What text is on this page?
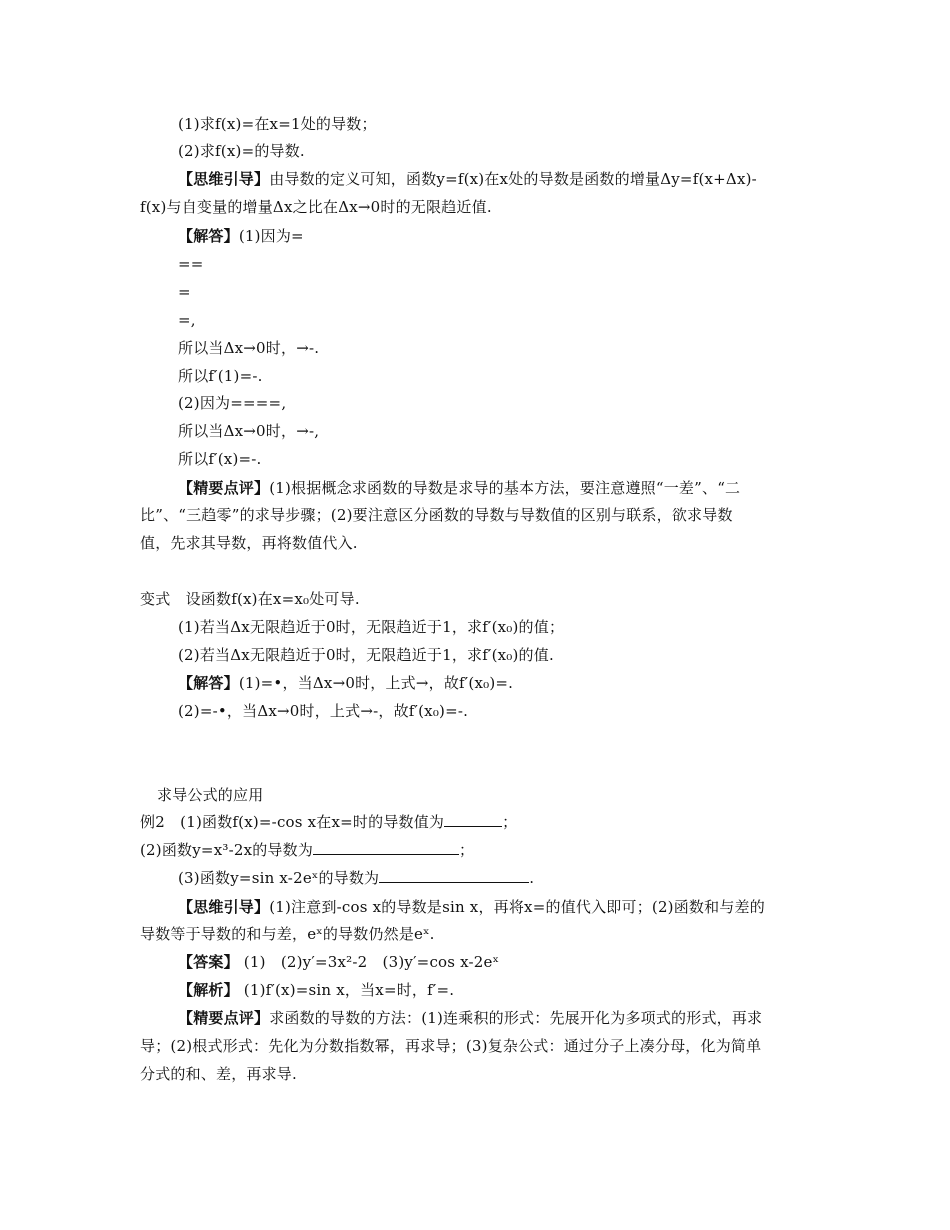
(1)求f(x)=在x=1处的导数；
(2)求f(x)=的导数.
【思维引导】由导数的定义可知，函数y=f(x)在x处的导数是函数的增量Δy=f(x+Δx)-
f(x)与自变量的增量Δx之比在Δx→0时的无限趋近值.
【解答】(1)因为=
==
=
=,
所以当Δx→0时，→-.
所以f′(1)=-.
(2)因为====,
所以当Δx→0时，→-,
所以f′(x)=-.
【精要点评】(1)根据概念求函数的导数是求导的基本方法，要注意遵照“一差”、“二
比”、“三趋零”的求导步骤；(2)要注意区分函数的导数与导数值的区别与联系，欲求导数
值，先求其导数，再将数值代入.
变式　设函数f(x)在x=x₀处可导.
(1)若当Δx无限趋近于0时，无限趋近于1，求f′(x₀)的值；
(2)若当Δx无限趋近于0时，无限趋近于1，求f′(x₀)的值.
【解答】(1)=•，当Δx→0时，上式→，故f′(x₀)=.
(2)=-•，当Δx→0时，上式→-，故f′(x₀)=-.
求导公式的应用
例2　(1)函数f(x)=-cos x在x=时的导数值为	；
(2)函数y=x³-2x的导数为	；
(3)函数y=sin x-2eˣ的导数为	.
【思维引导】(1)注意到-cos x的导数是sin x，再将x=的值代入即可；(2)函数和与差的
导数等于导数的和与差，eˣ的导数仍然是eˣ.
【答案】 (1)　(2)y′=3x²-2　(3)y′=cos x-2eˣ
【解析】 (1)f′(x)=sin x，当x=时，f′=.
【精要点评】求函数的导数的方法：(1)连乘积的形式：先展开化为多项式的形式，再求
导；(2)根式形式：先化为分数指数幂，再求导；(3)复杂公式：通过分子上凑分母，化为简单
分式的和、差，再求导.
